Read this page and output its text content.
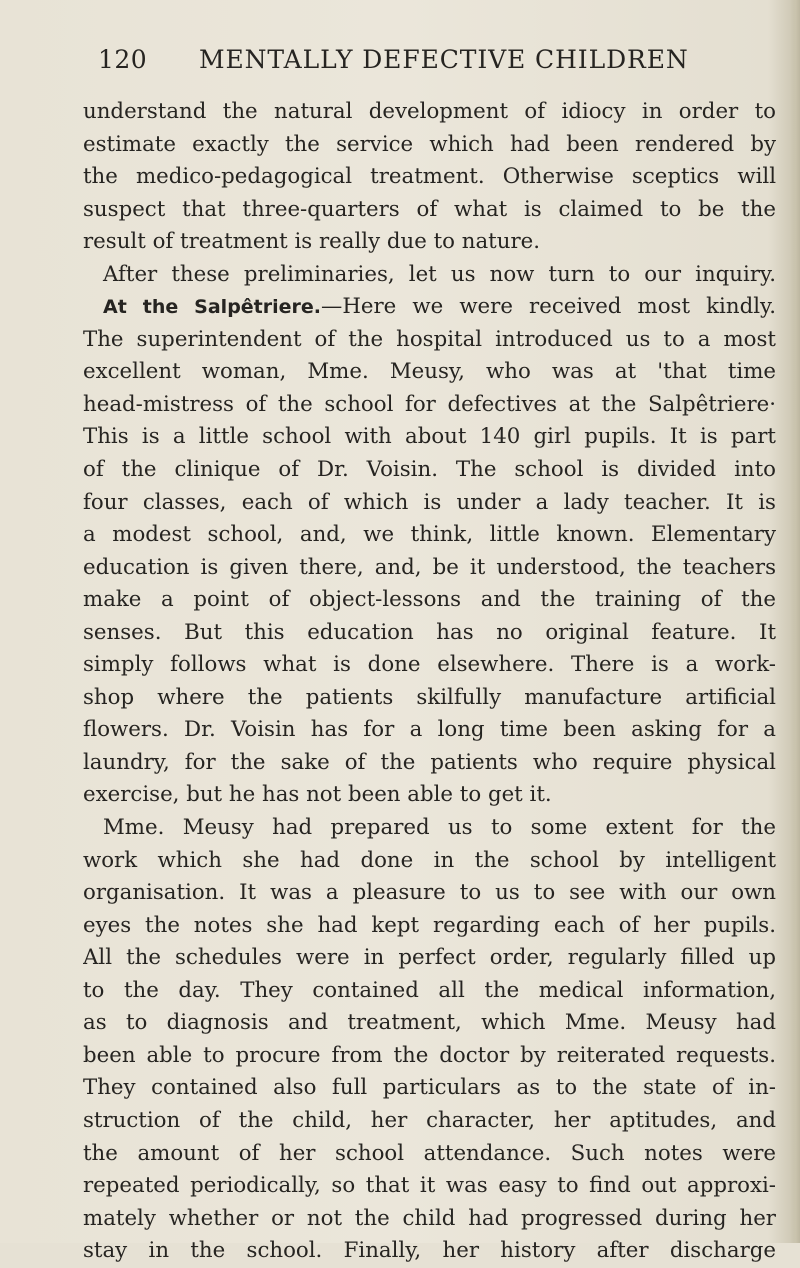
120 MENTALLY DEFECTIVE CHILDREN
understand the natural development of idiocy in order to
estimate exactly the service which had been rendered by
the medico-pedagogical treatment. Otherwise sceptics will
suspect that three-quarters of what is claimed to be the
result of treatment is really due to nature.
After these preliminaries, let us now turn to our inquiry.
At the Salpêtriere.—Here we were received most kindly.
The superintendent of the hospital introduced us to a most
excellent woman, Mme. Meusy, who was at 'that time
head-mistress of the school for defectives at the Salpêtriere·
This is a little school with about 140 girl pupils. It is part
of the clinique of Dr. Voisin. The school is divided into
four classes, each of which is under a lady teacher. It is
a modest school, and, we think, little known. Elementary
education is given there, and, be it understood, the teachers
make a point of object-lessons and the training of the
senses. But this education has no original feature. It
simply follows what is done elsewhere. There is a work-
shop where the patients skilfully manufacture artificial
flowers. Dr. Voisin has for a long time been asking for a
laundry, for the sake of the patients who require physical
exercise, but he has not been able to get it.
Mme. Meusy had prepared us to some extent for the
work which she had done in the school by intelligent
organisation. It was a pleasure to us to see with our own
eyes the notes she had kept regarding each of her pupils.
All the schedules were in perfect order, regularly filled up
to the day. They contained all the medical information,
as to diagnosis and treatment, which Mme. Meusy had
been able to procure from the doctor by reiterated requests.
They contained also full particulars as to the state of in-
struction of the child, her character, her aptitudes, and
the amount of her school attendance. Such notes were
repeated periodically, so that it was easy to find out approxi-
mately whether or not the child had progressed during her
stay in the school. Finally, her history after discharge
